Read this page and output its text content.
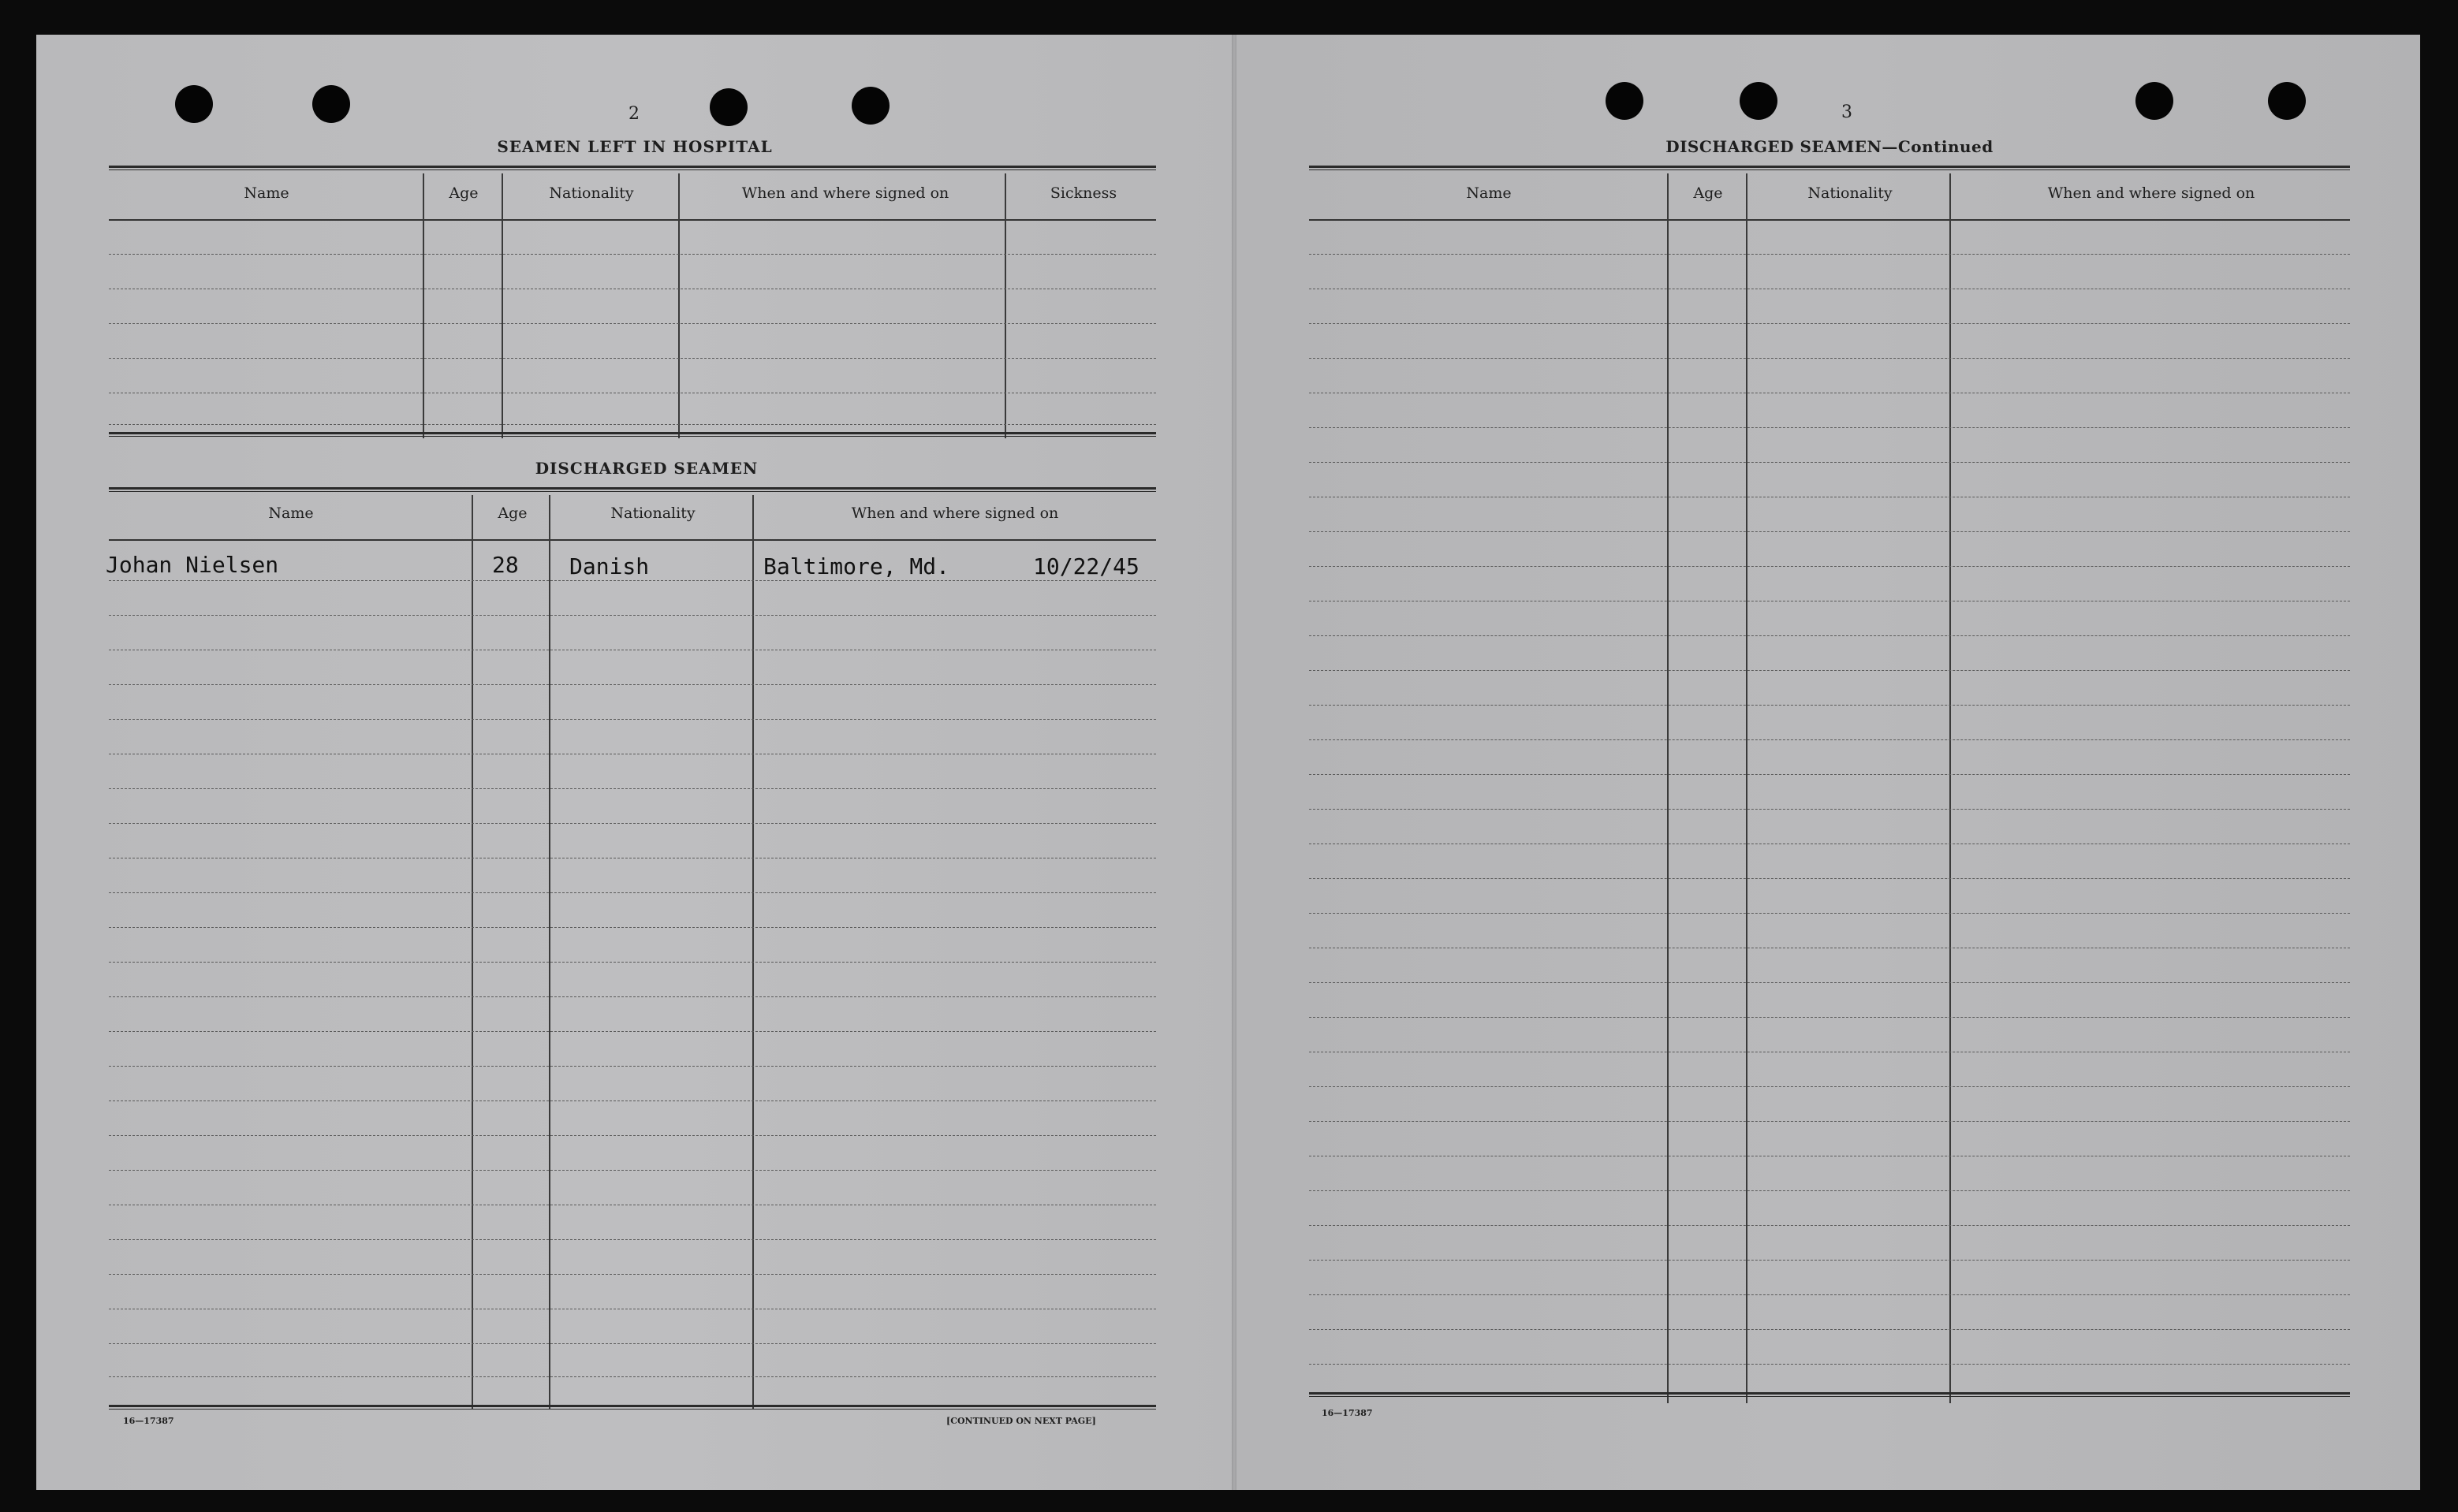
2
SEAMEN LEFT IN HOSPITAL
Name	Age	Nationality	When and where signed on	Sickness
DISCHARGED SEAMEN
Name	Age	Nationality	When and where signed on
Johan Nielsen	28 Danish	Baltimore, Md.	10/22/45
16—17387	[CONTINUED ON NEXT PAGE]
3
DISCHARGED SEAMEN—Continued
Name	Age	Nationality	When and where signed on
16—17387
